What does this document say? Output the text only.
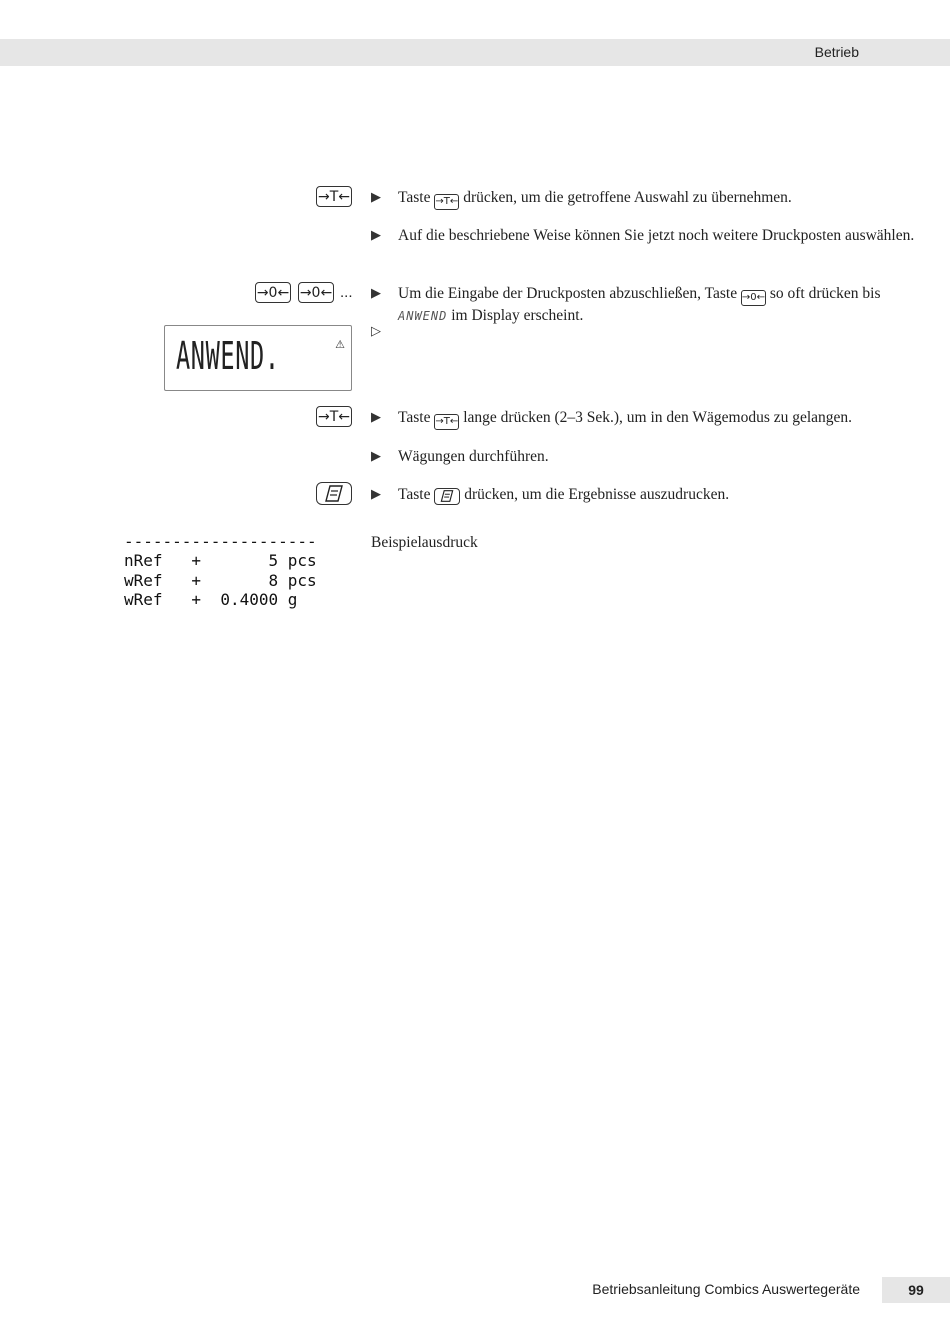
Betrieb
→T← ▶ Taste →T← drücken, um die getroffene Auswahl zu übernehmen.
▶ Auf die beschriebene Weise können Sie jetzt noch weitere Druckposten auswählen.
→0← →0← ... ▶ Um die Eingabe der Druckposten abzuschließen, Taste →0← so oft drücken bis
ANWEND im Display erscheint.
▷
ANWEND.	⚠
→T← ▶ Taste →T← lange drücken (2–3 Sek.), um in den Wägemodus zu gelangen.
▶ Wägungen durchführen.
▶ Taste drücken, um die Ergebnisse auszudrucken.
--------------------
nRef   +       5 pcs
wRef   +       8 pcs
wRef   +  0.4000 g
Beispielausdruck
Betriebsanleitung Combics Auswertegeräte	99
